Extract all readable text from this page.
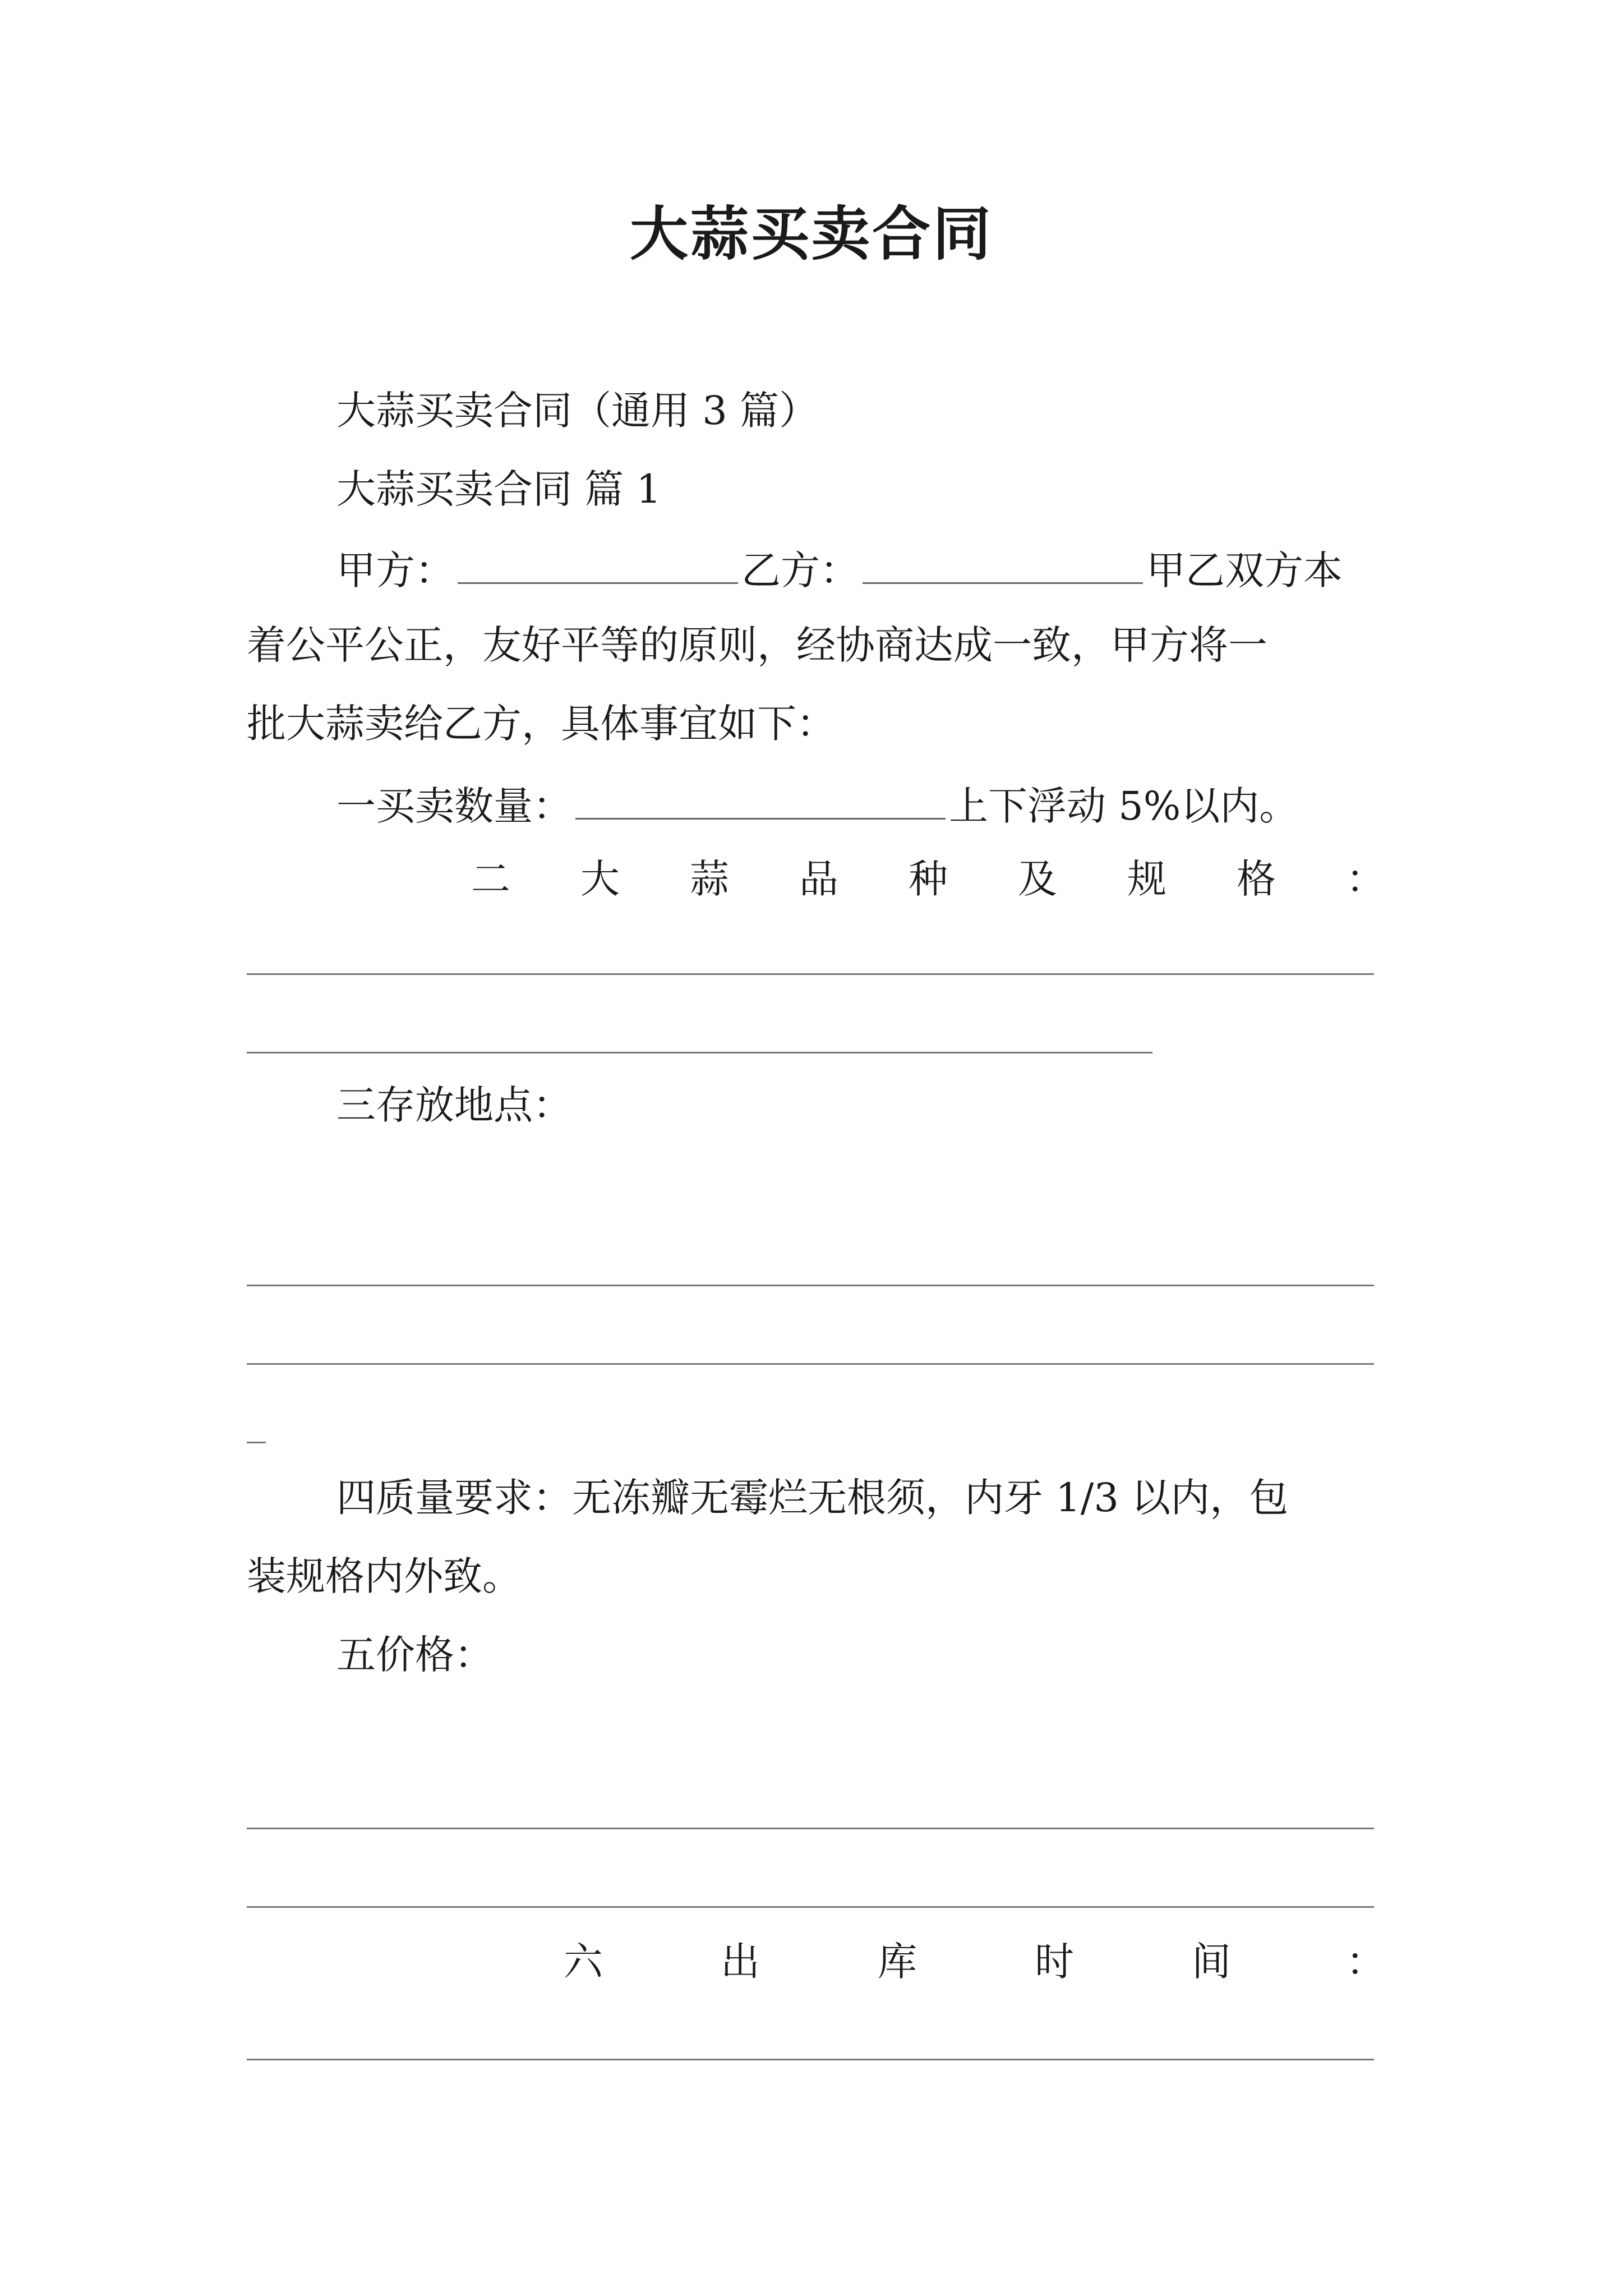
大蒜买卖合同
大蒜买卖合同（通用 3 篇）
大蒜买卖合同 篇 1
甲方：	乙方：	甲乙双方本
着公平公正，友好平等的原则，经协商达成一致，甲方将一
批大蒜卖给乙方，具体事宜如下：
一买卖数量：	上下浮动 5%以内。
二 大 蒜 品 种 及 规 格 ：
三存放地点：
四质量要求：无冻瓣无霉烂无根须，内牙 1/3 以内，包
装规格内外致。
五价格：
六	出	库	时	间	：
